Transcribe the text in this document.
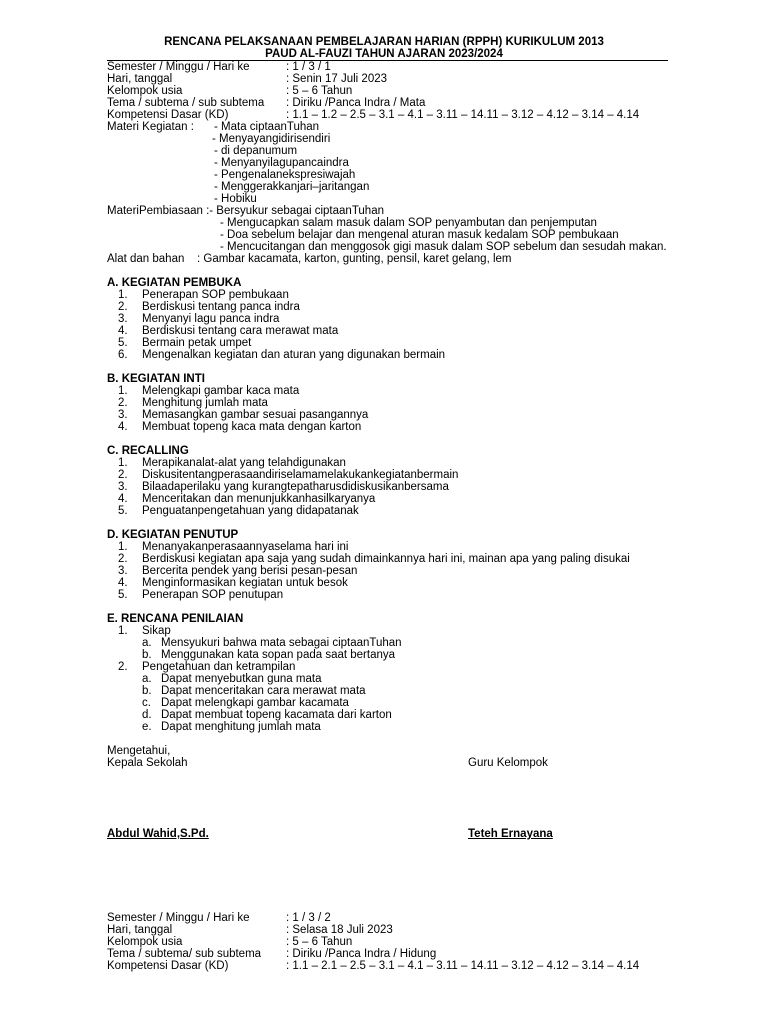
RENCANA PELAKSANAAN PEMBELAJARAN HARIAN (RPPH) KURIKULUM 2013
PAUD AL-FAUZI TAHUN AJARAN 2023/2024
Semester / Minggu / Hari ke	: 1 / 3 / 1
Hari, tanggal	: Senin 17 Juli 2023
Kelompok usia	: 5 – 6 Tahun
Tema / subtema / sub subtema : Diriku /Panca Indra / Mata
Kompetensi Dasar (KD)	: 1.1 – 1.2 – 2.5 – 3.1 – 4.1 – 3.11 – 14.11 – 3.12 – 4.12 – 3.14 – 4.14
Materi Kegiatan : - Mata ciptaanTuhan
- Menyayangidirisendiri
- di depanumum
- Menyanyilagupancaindra
- Pengenalanekspresiwajah
- Menggerakkanjari–jaritangan
- Hobiku
MateriPembiasaan :- Bersyukur sebagai ciptaanTuhan
- Mengucapkan salam masuk dalam SOP penyambutan dan penjemputan
- Doa sebelum belajar dan mengenal aturan masuk kedalam SOP pembukaan
- Mencucitangan dan menggosok gigi masuk dalam SOP sebelum dan sesudah makan.
Alat dan bahan : Gambar kacamata, karton, gunting, pensil, karet gelang, lem
A. KEGIATAN PEMBUKA
1. Penerapan SOP pembukaan
2. Berdiskusi tentang panca indra
3. Menyanyi lagu panca indra
4. Berdiskusi tentang cara merawat mata
5. Bermain petak umpet
6. Mengenalkan kegiatan dan aturan yang digunakan bermain
B. KEGIATAN INTI
1. Melengkapi gambar kaca mata
2. Menghitung jumlah mata
3. Memasangkan gambar sesuai pasangannya
4. Membuat topeng kaca mata dengan karton
C. RECALLING
1. Merapikanalat-alat yang telahdigunakan
2. Diskusitentangperasaandiriselamamelakukankegiatanbermain
3. Bilaadaperilaku yang kurangtepatharusdidiskusikanbersama
4. Menceritakan dan menunjukkanhasilkaryanya
5. Penguatanpengetahuan yang didapatanak
D. KEGIATAN PENUTUP
1. Menanyakanperasaannyaselama hari ini
2. Berdiskusi kegiatan apa saja yang sudah dimainkannya hari ini, mainan apa yang paling disukai
3. Bercerita pendek yang berisi pesan-pesan
4. Menginformasikan kegiatan untuk besok
5. Penerapan SOP penutupan
E. RENCANA PENILAIAN
1. Sikap
a. Mensyukuri bahwa mata sebagai ciptaanTuhan
b. Menggunakan kata sopan pada saat bertanya
2. Pengetahuan dan ketrampilan
a. Dapat menyebutkan guna mata
b. Dapat menceritakan cara merawat mata
c. Dapat melengkapi gambar kacamata
d. Dapat membuat topeng kacamata dari karton
e. Dapat menghitung jumlah mata
Mengetahui,
Kepala Sekolah	Guru Kelompok
Abdul Wahid,S.Pd.	Teteh Ernayana
Semester / Minggu / Hari ke	: 1 / 3 / 2
Hari, tanggal	: Selasa 18 Juli 2023
Kelompok usia	: 5 – 6 Tahun
Tema / subtema/ sub subtema : Diriku /Panca Indra / Hidung
Kompetensi Dasar (KD)	: 1.1 – 2.1 – 2.5 – 3.1 – 4.1 – 3.11 – 14.11 – 3.12 – 4.12 – 3.14 – 4.14
